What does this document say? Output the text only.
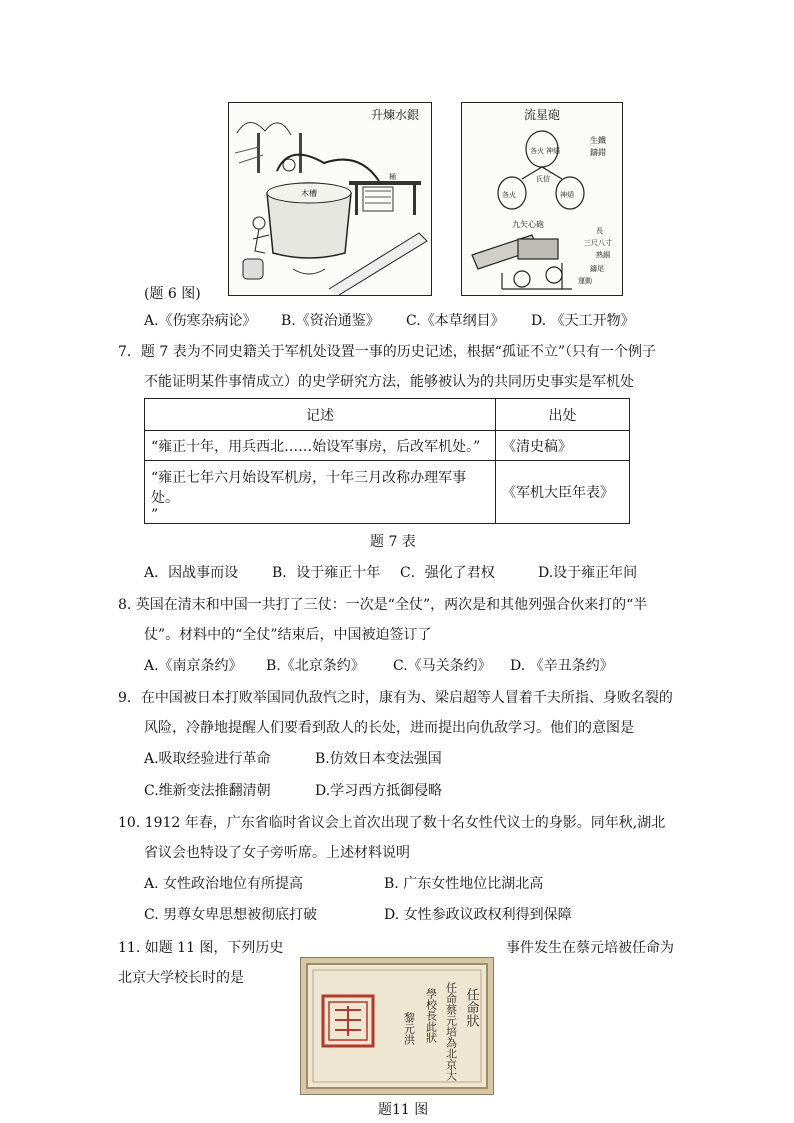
升煉水銀
木槽
桶
流星砲
各火 神熖
氏信
各火	神熖
生鐵
鑄錯
九矢心砲
長
三尺八寸
熟銅
鑄尾
運動
(题 6 图)
A.《伤寒杂病论》 B.《资治通鉴》 C.《本草纲目》 D. 《天工开物》
7．题 7 表为不同史籍关于军机处设置一事的历史记述，根据“孤证不立”（只有一个例子
不能证明某件事情成立）的史学研究方法，能够被认为的共同历史事实是军机处
记述	出处
“雍正十年，用兵西北……始设军事房，后改军机处。”	《清史稿》
“雍正七年六月始设军机房，十年三月改称办理军事处。
”	《军机大臣年表》
题 7 表
A．因战事而设 B．设于雍正十年 C．强化了君权	D.设于雍正年间
8. 英国在清末和中国一共打了三仗：一次是“全仗”，两次是和其他列强合伙来打的“半
仗”。材料中的“全仗”结束后，中国被迫签订了
A.《南京条约》 B.《北京条约》 C.《马关条约》 D. 《辛丑条约》
9．在中国被日本打败举国同仇敌忾之时，康有为、梁启超等人冒着千夫所指、身败名裂的
风险，冷静地提醒人们要看到敌人的长处，进而提出向仇敌学习。他们的意图是
A.吸取经验进行革命	B.仿效日本变法强国
C.维新变法推翻清朝	D.学习西方抵御侵略
10. 1912 年春，广东省临时省议会上首次出现了数十名女性代议士的身影。同年秋,湖北
省议会也特设了女子旁听席。上述材料说明
A. 女性政治地位有所提高	B. 广东女性地位比湖北高
C. 男尊女卑思想被彻底打破	D. 女性参政议政权利得到保障
11. 如题 11 图，下列历史	事件发生在蔡元培被任命为
北京大学校长时的是
任命狀
任命蔡元培為北京大
學校長此狀
黎元洪
题11 图
